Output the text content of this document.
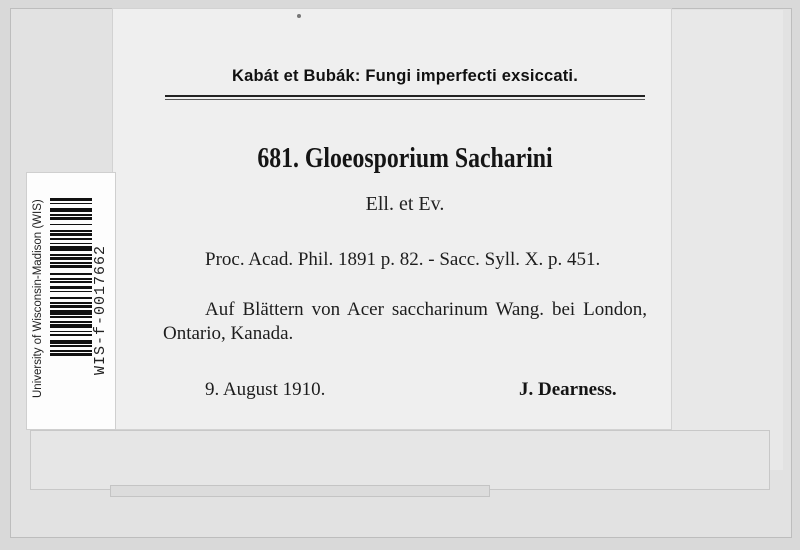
Kabát et Bubák: Fungi imperfecti exsiccati.
681. Gloeosporium Sacharini
Ell. et Ev.
Proc. Acad. Phil. 1891 p. 82. - Sacc. Syll. X. p. 451.
Auf Blättern von Acer saccharinum Wang. bei London, Ontario, Kanada.
9. August 1910.	J. Dearness.
University of Wisconsin-Madison (WIS)	WIS-f-0017662
